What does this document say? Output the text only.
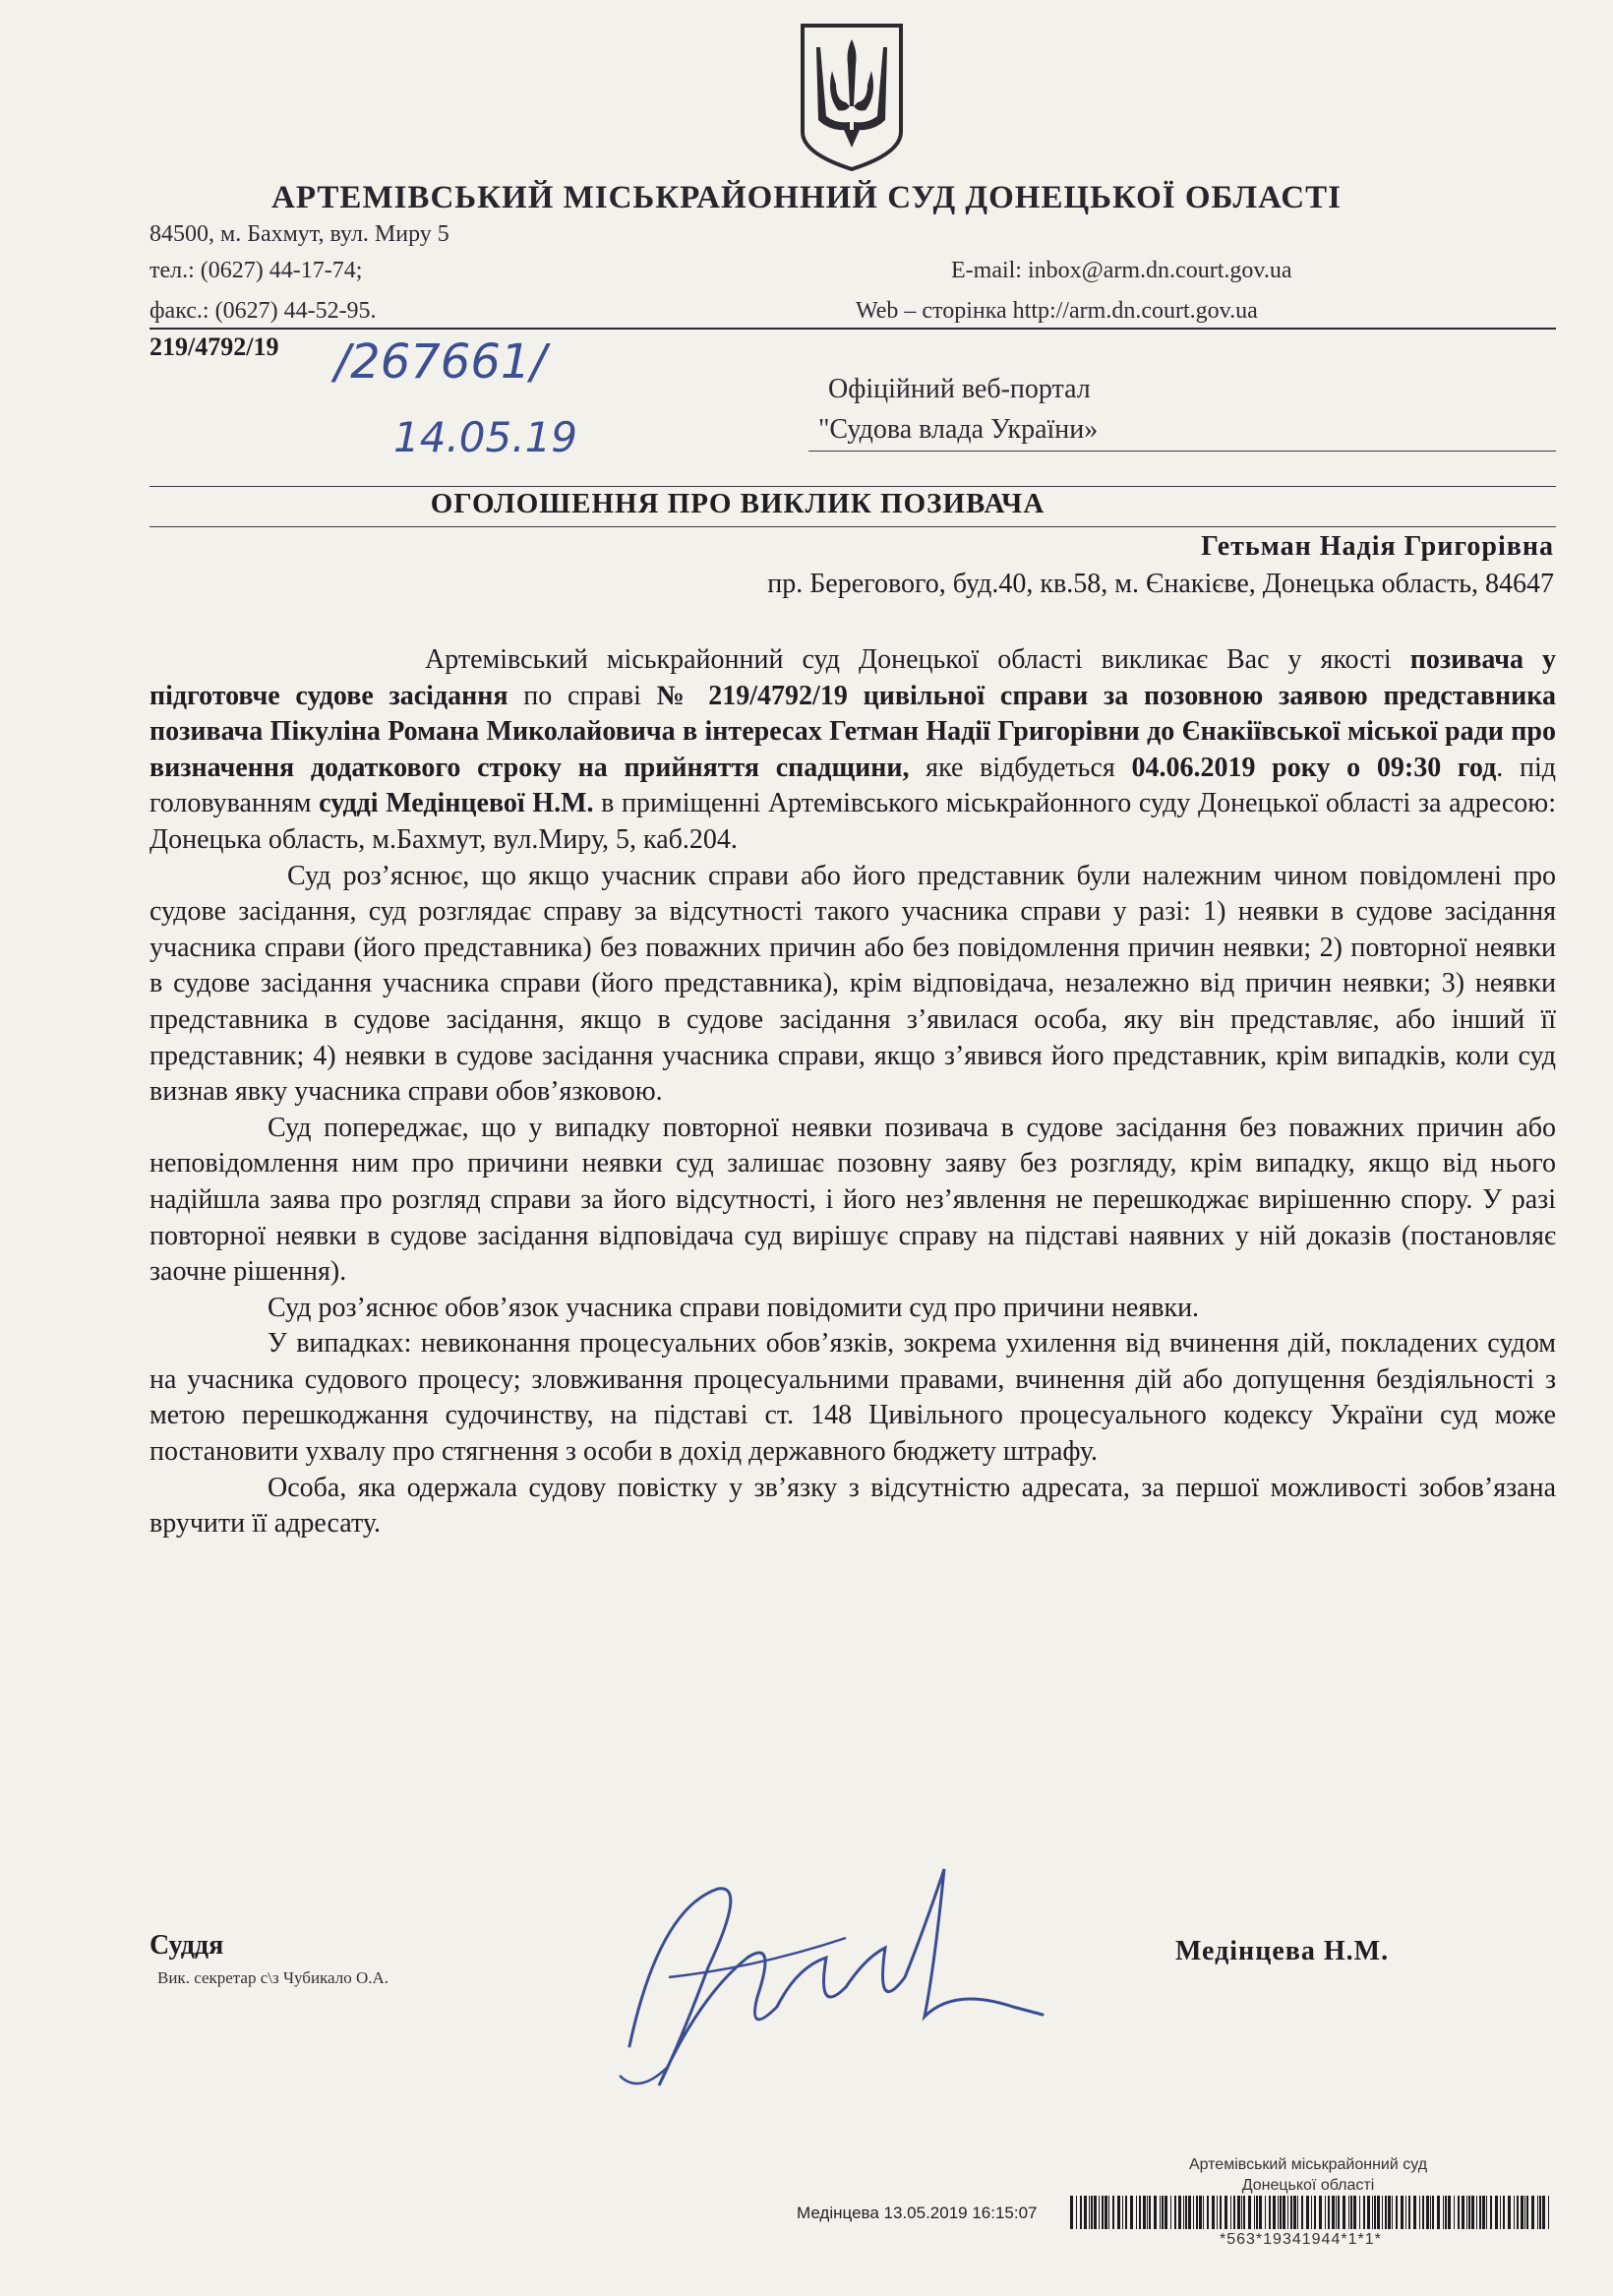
АРТЕМІВСЬКИЙ МІСЬКРАЙОННИЙ СУД ДОНЕЦЬКОЇ ОБЛАСТІ
84500, м. Бахмут, вул. Миру 5
тел.: (0627) 44-17-74;	E-mail: inbox@arm.dn.court.gov.ua
факс.: (0627) 44-52-95.	Web – сторінка http://arm.dn.court.gov.ua
219/4792/19 /267661/
14.05.19
Офіційний веб-портал
"Судова влада України»
ОГОЛОШЕННЯ ПРО ВИКЛИК ПОЗИВАЧА
Гетьман Надія Григорівна
пр. Берегового, буд.40, кв.58, м. Єнакієве, Донецька область, 84647

Артемівський міськрайонний суд Донецької області викликає Вас у якості позивача у підготовче судове засідання по справі № 219/4792/19 цивільної справи за позовною заявою представника позивача Пікуліна Романа Миколайовича в інтересах Гетман Надії Григорівни до Єнакіївської міської ради про визначення додаткового строку на прийняття спадщини, яке відбудеться 04.06.2019 року о 09:30 год. під головуванням судді Медінцевої Н.М. в приміщенні Артемівського міськрайонного суду Донецької області за адресою: Донецька область, м.Бахмут, вул.Миру, 5, каб.204.

Суд роз’яснює, що якщо учасник справи або його представник були належним чином повідомлені про судове засідання, суд розглядає справу за відсутності такого учасника справи у разі: 1) неявки в судове засідання учасника справи (його представника) без поважних причин або без повідомлення причин неявки; 2) повторної неявки в судове засідання учасника справи (його представника), крім відповідача, незалежно від причин неявки; 3) неявки представника в судове засідання, якщо в судове засідання з’явилася особа, яку він представляє, або інший її представник; 4) неявки в судове засідання учасника справи, якщо з’явився його представник, крім випадків, коли суд визнав явку учасника справи обов’язковою.

Суд попереджає, що у випадку повторної неявки позивача в судове засідання без поважних причин або неповідомлення ним про причини неявки суд залишає позовну заяву без розгляду, крім випадку, якщо від нього надійшла заява про розгляд справи за його відсутності, і його нез’явлення не перешкоджає вирішенню спору. У разі повторної неявки в судове засідання відповідача суд вирішує справу на підставі наявних у ній доказів (постановляє заочне рішення).

Суд роз’яснює обов’язок учасника справи повідомити суд про причини неявки.

У випадках: невиконання процесуальних обов’язків, зокрема ухилення від вчинення дій, покладених судом на учасника судового процесу; зловживання процесуальними правами, вчинення дій або допущення бездіяльності з метою перешкоджання судочинству, на підставі ст. 148 Цивільного процесуального кодексу України суд може постановити ухвалу про стягнення з особи в дохід державного бюджету штрафу.

Особа, яка одержала судову повістку у зв’язку з відсутністю адресата, за першої можливості зобов’язана вручити її адресату.

Суддя
Вик. секретар с\з Чубикало О.А.
Медінцева Н.М.
Артемівський міськрайонний суд
Донецької області
Медінцева 13.05.2019 16:15:07
*563*19341944*1*1*
